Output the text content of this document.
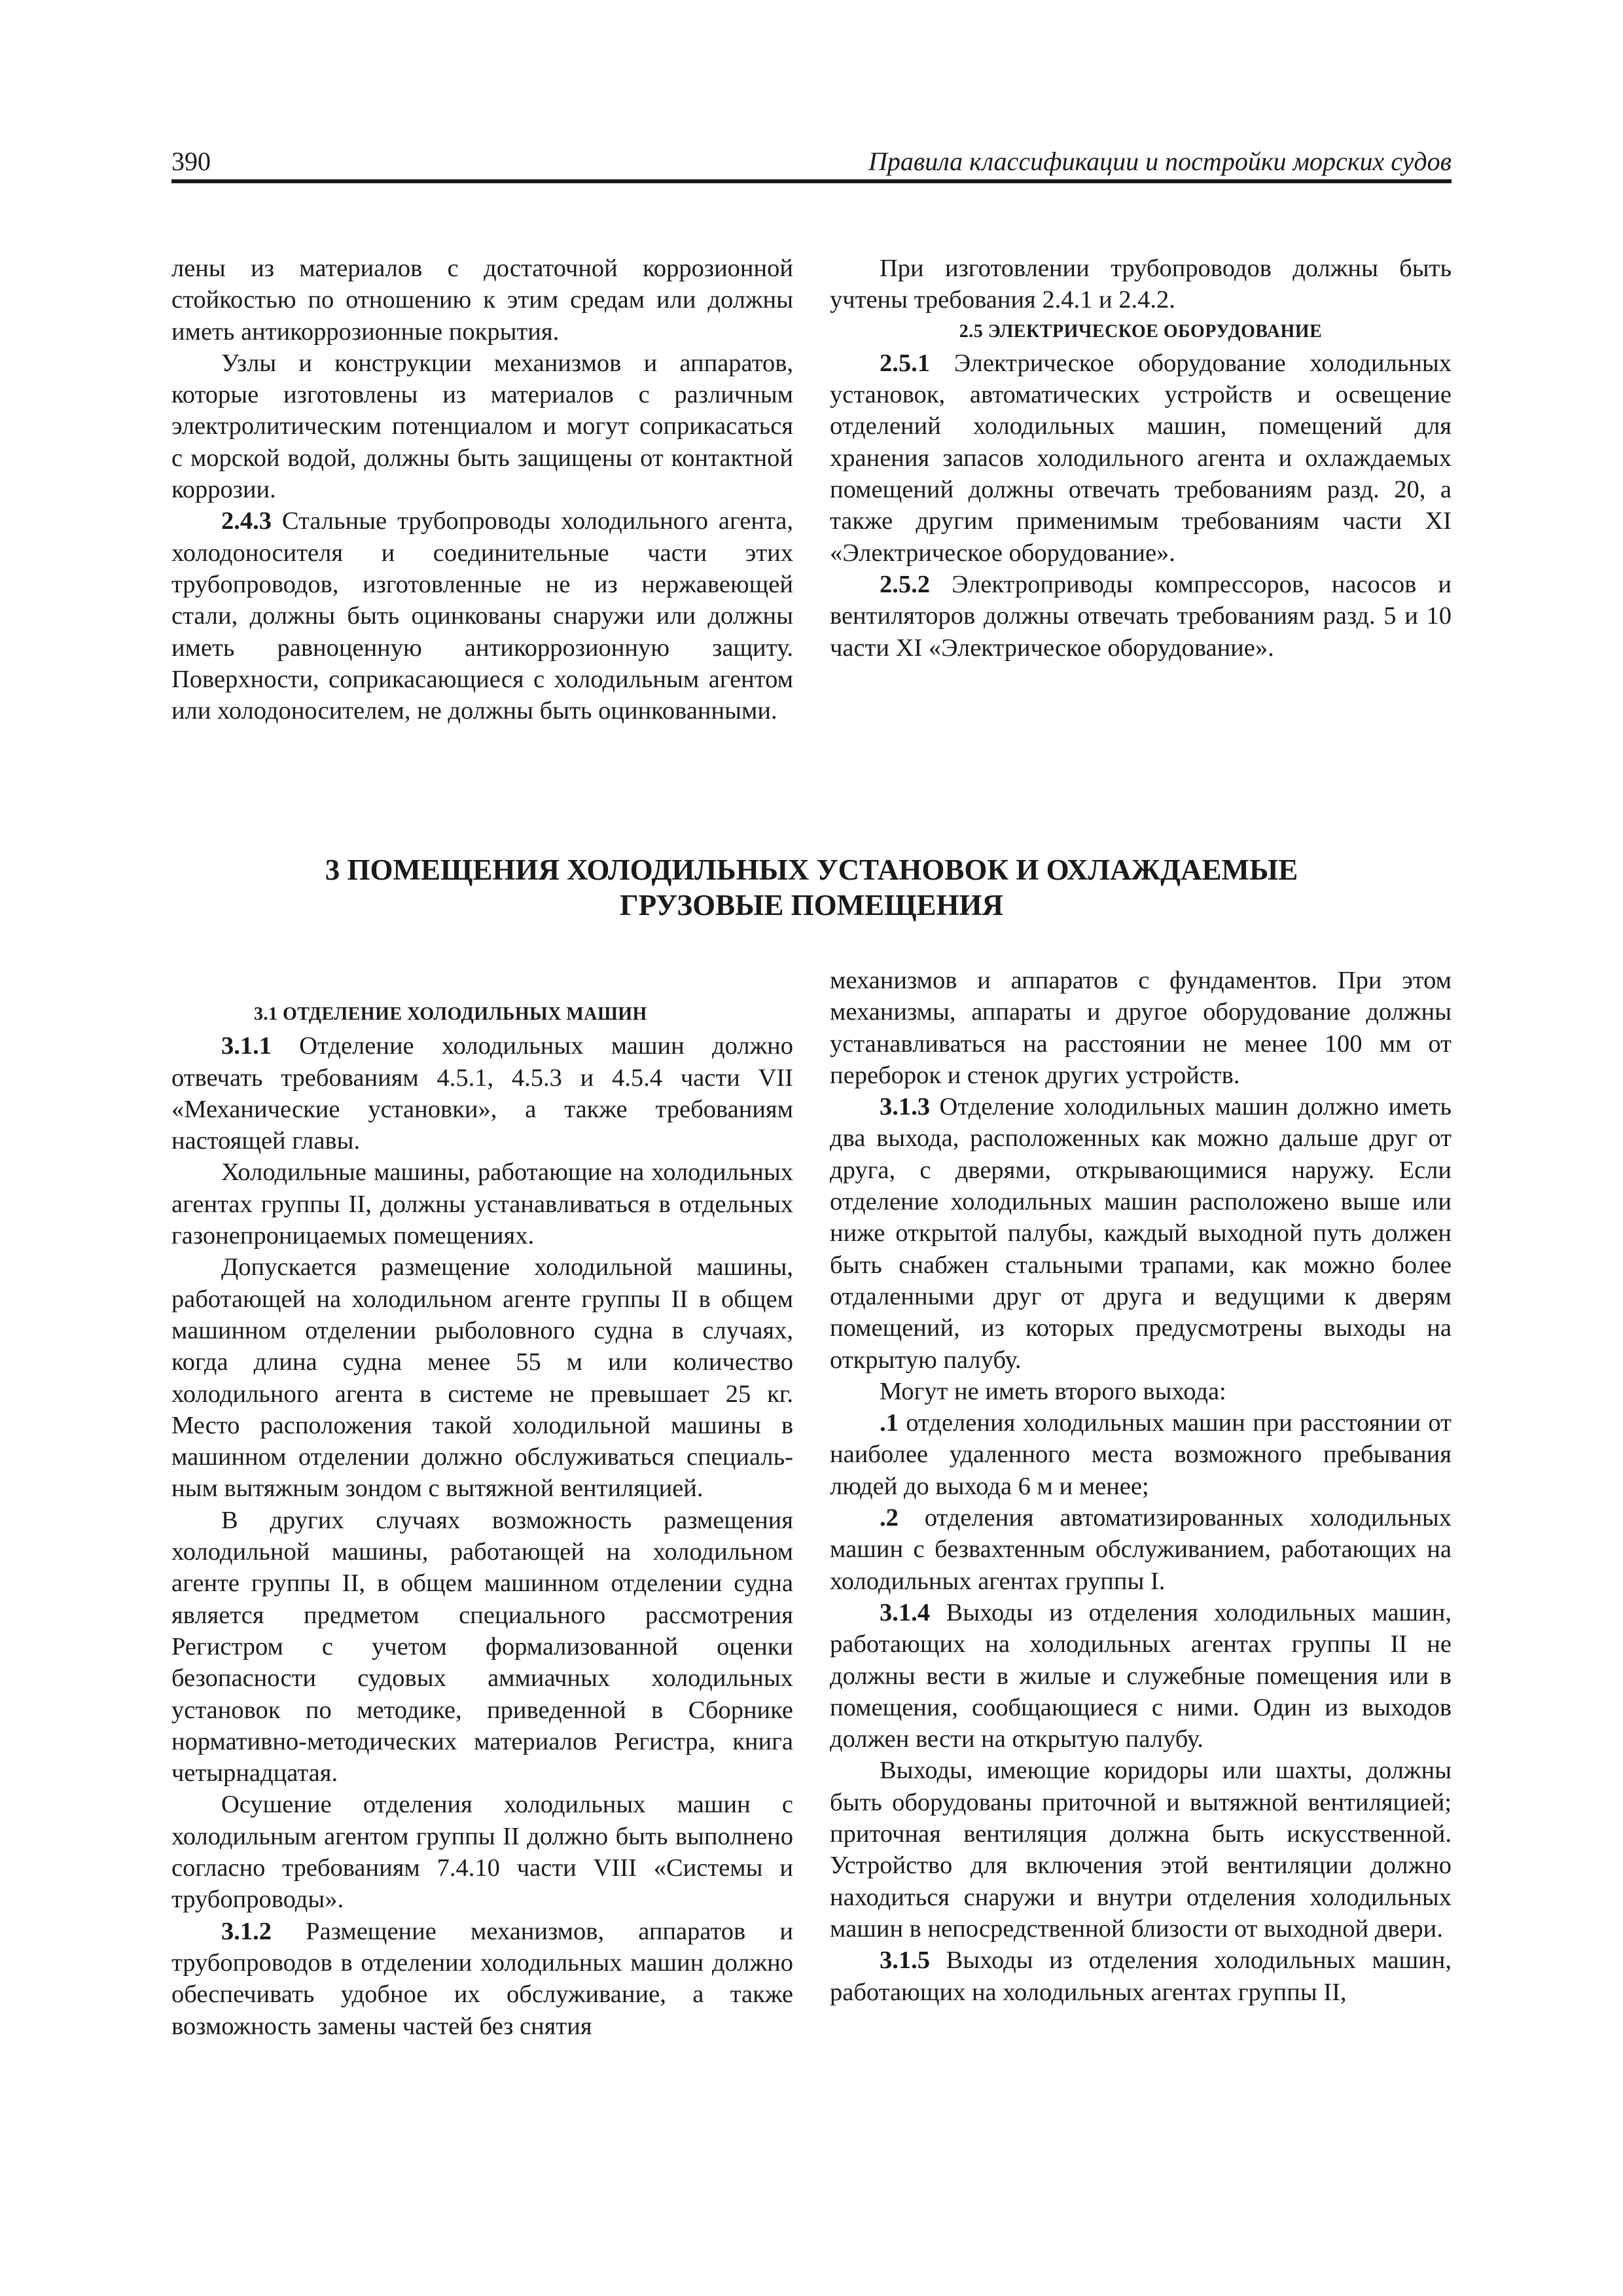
390	Правила классификации и постройки морских судов

лены из материалов с достаточной коррозионной стойкостью по отношению к этим средам или должны иметь антикоррозионные покрытия.

Узлы и конструкции механизмов и аппаратов, которые изготовлены из материалов с различным электролитическим потенциалом и могут соприкасаться с морской водой, должны быть защищены от контактной коррозии.

2.4.3 Стальные трубопроводы холодильного агента, холодоносителя и соединительные части этих трубопроводов, изготовленные не из нержавеющей стали, должны быть оцинкованы снаружи или должны иметь равноценную антикоррозионную защиту. Поверхности, соприкасающиеся с холодильным агентом или холодоносителем, не должны быть оцинкованными.

При изготовлении трубопроводов должны быть учтены требования 2.4.1 и 2.4.2.

2.5 ЭЛЕКТРИЧЕСКОЕ ОБОРУДОВАНИЕ

2.5.1 Электрическое оборудование холодильных установок, автоматических устройств и освещение отделений холодильных машин, помещений для хранения запасов холодильного агента и охлаждаемых помещений должны отвечать требованиям разд. 20, а также другим применимым требованиям части XI «Электрическое оборудование».

2.5.2 Электроприводы компрессоров, насосов и вентиляторов должны отвечать требованиям разд. 5 и 10 части XI «Электрическое оборудование».

3 ПОМЕЩЕНИЯ ХОЛОДИЛЬНЫХ УСТАНОВОК И ОХЛАЖДАЕМЫЕ
ГРУЗОВЫЕ ПОМЕЩЕНИЯ

3.1 ОТДЕЛЕНИЕ ХОЛОДИЛЬНЫХ МАШИН

3.1.1 Отделение холодильных машин должно отвечать требованиям 4.5.1, 4.5.3 и 4.5.4 части VII «Механические установки», а также требованиям настоящей главы.

Холодильные машины, работающие на холодильных агентах группы II, должны устанавливаться в отдельных газонепроницаемых помещениях.

Допускается размещение холодильной машины, работающей на холодильном агенте группы II в общем машинном отделении рыболовного судна в случаях, когда длина судна менее 55 м или количество холодильного агента в системе не превышает 25 кг. Место расположения такой холодильной машины в машинном отделении должно обслуживаться специальным вытяжным зондом с вытяжной вентиляцией.

В других случаях возможность размещения холодильной машины, работающей на холодильном агенте группы II, в общем машинном отделении судна является предметом специального рассмотрения Регистром с учетом формализованной оценки безопасности судовых аммиачных холодильных установок по методике, приведенной в Сборнике нормативно-методических материалов Регистра, книга четырнадцатая.

Осушение отделения холодильных машин с холодильным агентом группы II должно быть выполнено согласно требованиям 7.4.10 части VIII «Системы и трубопроводы».

3.1.2 Размещение механизмов, аппаратов и трубопроводов в отделении холодильных машин должно обеспечивать удобное их обслуживание, а также возможность замены частей без снятия

механизмов и аппаратов с фундаментов. При этом механизмы, аппараты и другое оборудование должны устанавливаться на расстоянии не менее 100 мм от переборок и стенок других устройств.

3.1.3 Отделение холодильных машин должно иметь два выхода, расположенных как можно дальше друг от друга, с дверями, открывающимися наружу. Если отделение холодильных машин расположено выше или ниже открытой палубы, каждый выходной путь должен быть снабжен стальными трапами, как можно более отдаленными друг от друга и ведущими к дверям помещений, из которых предусмотрены выходы на открытую палубу.

Могут не иметь второго выхода:

.1 отделения холодильных машин при расстоянии от наиболее удаленного места возможного пребывания людей до выхода 6 м и менее;

.2 отделения автоматизированных холодильных машин с безвахтенным обслуживанием, работающих на холодильных агентах группы I.

3.1.4 Выходы из отделения холодильных машин, работающих на холодильных агентах группы II не должны вести в жилые и служебные помещения или в помещения, сообщающиеся с ними. Один из выходов должен вести на открытую палубу.

Выходы, имеющие коридоры или шахты, должны быть оборудованы приточной и вытяжной вентиляцией; приточная вентиляция должна быть искусственной. Устройство для включения этой вентиляции должно находиться снаружи и внутри отделения холодильных машин в непосредственной близости от выходной двери.

3.1.5 Выходы из отделения холодильных машин, работающих на холодильных агентах группы II,
